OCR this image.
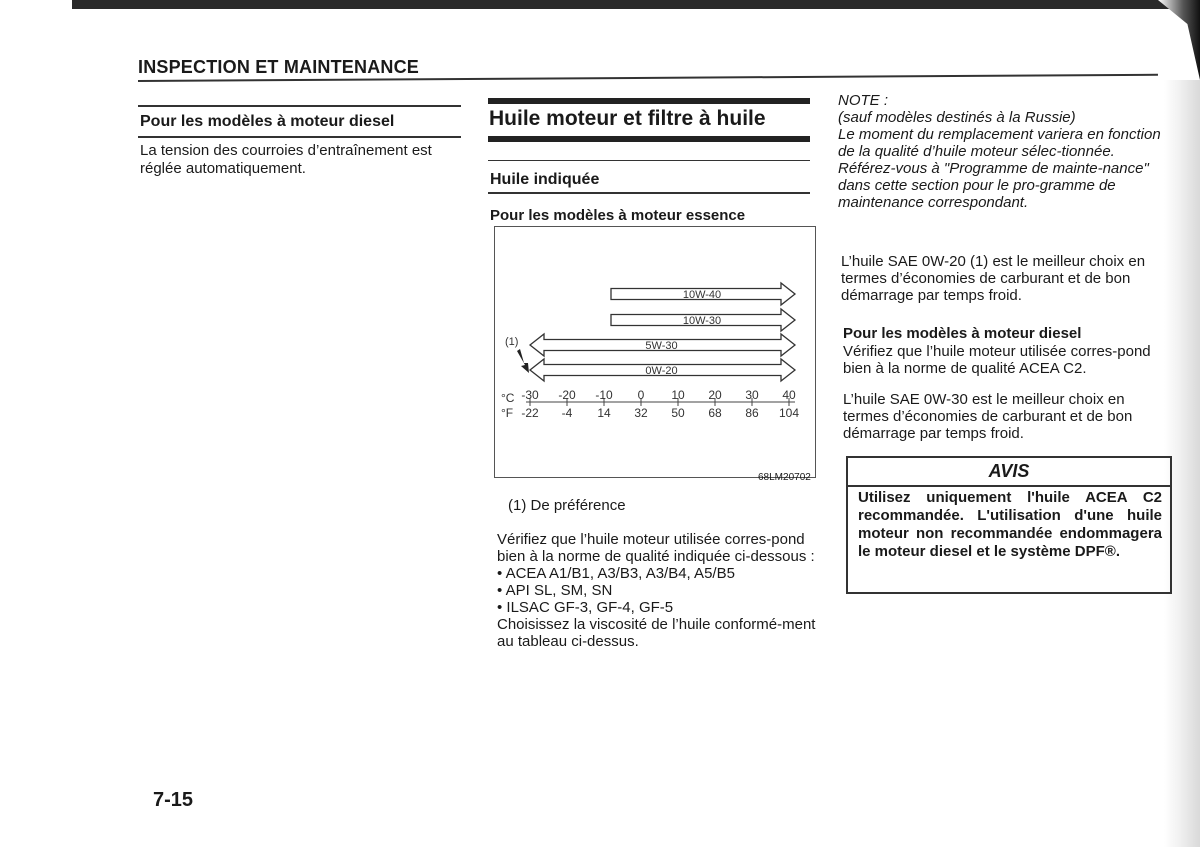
INSPECTION ET MAINTENANCE
Pour les modèles à moteur diesel
La tension des courroies d’entraînement est réglée automatiquement.
Huile moteur et filtre à huile
Huile indiquée
Pour les modèles à moteur essence
10W-40
10W-30
5W-30
0W-20
(1)
°C
°F
-30
-22
-20
-4
-10
14
0
32
10
50
20
68
30
86
40
104
68LM20702
(1) De préférence

Vérifiez que l’huile moteur utilisée corres-pond bien à la norme de qualité indiquée ci-dessous :

• ACEA A1/B1, A3/B3, A3/B4, A5/B5
• API SL, SM, SN
• ILSAC GF-3, GF-4, GF-5

Choisissez la viscosité de l’huile conformé-ment au tableau ci-dessus.

NOTE :

(sauf modèles destinés à la Russie)

Le moment du remplacement variera en fonction de la qualité d’huile moteur sélec-tionnée.

Référez-vous à "Programme de mainte-nance" dans cette section pour le pro-gramme de maintenance correspondant.

L’huile SAE 0W-20 (1) est le meilleur choix en termes d’économies de carburant et de bon démarrage par temps froid.
Pour les modèles à moteur diesel
Vérifiez que l’huile moteur utilisée corres-pond bien à la norme de qualité ACEA C2.
L’huile SAE 0W-30 est le meilleur choix en termes d’économies de carburant et de bon démarrage par temps froid.
AVIS
Utilisez uniquement l'huile ACEA C2 recommandée. L'utilisation d'une huile moteur non recommandée endommagera le moteur diesel et le système DPF®.
7-15
